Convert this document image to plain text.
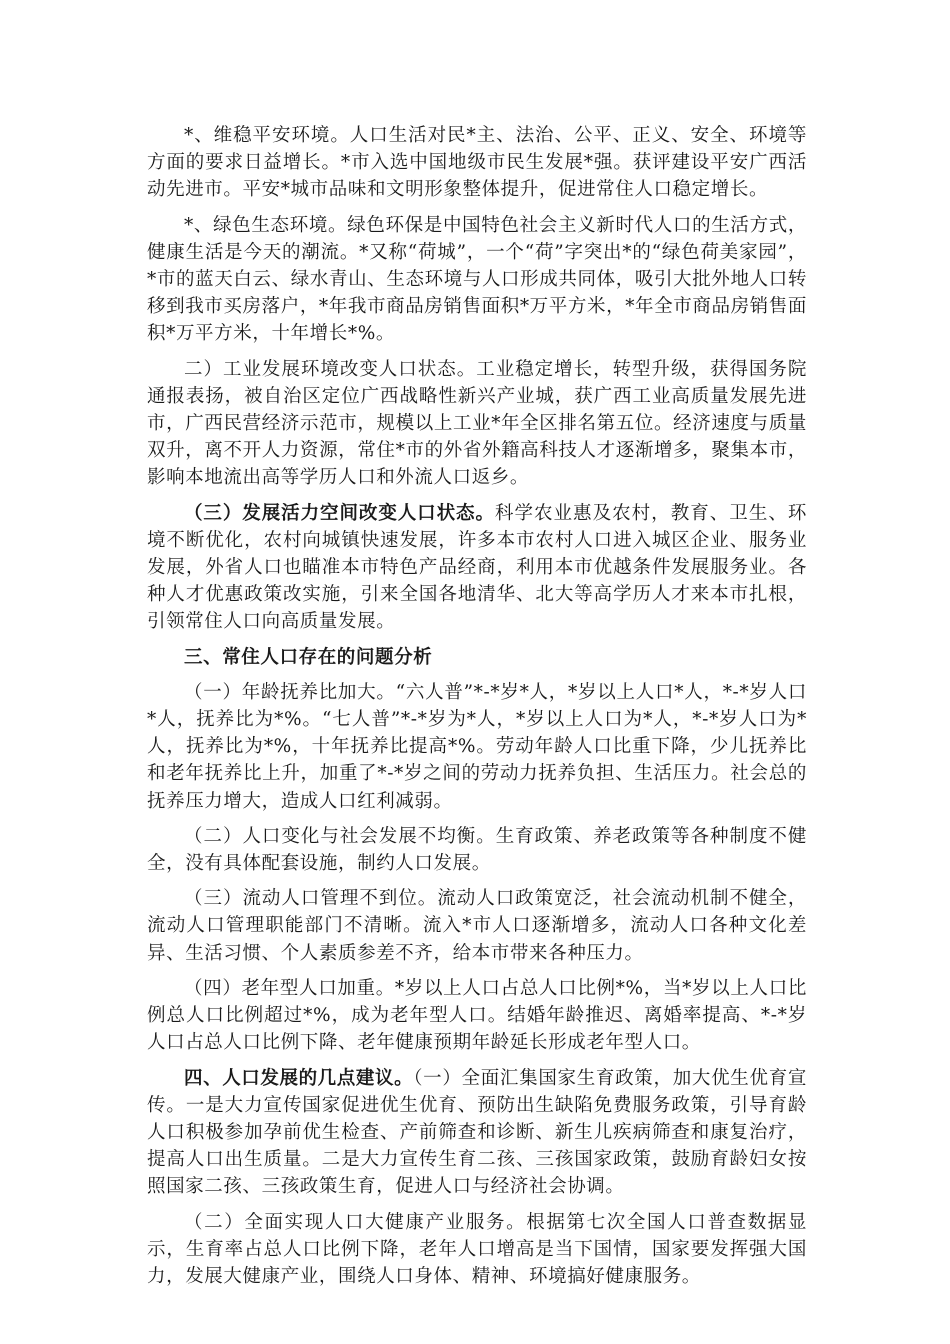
*、维稳平安环境。人口生活对民*主、法治、公平、正义、安全、环境等方面的要求日益增长。*市入选中国地级市民生发展*强。获评建设平安广西活动先进市。平安*城市品味和文明形象整体提升，促进常住人口稳定增长。

*、绿色生态环境。绿色环保是中国特色社会主义新时代人口的生活方式，健康生活是今天的潮流。*又称“荷城”，一个“荷”字突出*的“绿色荷美家园”，*市的蓝天白云、绿水青山、生态环境与人口形成共同体，吸引大批外地人口转移到我市买房落户，*年我市商品房销售面积*万平方米，*年全市商品房销售面积*万平方米，十年增长*%。

二）工业发展环境改变人口状态。工业稳定增长，转型升级，获得国务院通报表扬，被自治区定位广西战略性新兴产业城，获广西工业高质量发展先进市，广西民营经济示范市，规模以上工业*年全区排名第五位。经济速度与质量双升，离不开人力资源，常住*市的外省外籍高科技人才逐渐增多，聚集本市，影响本地流出高等学历人口和外流人口返乡。

（三）发展活力空间改变人口状态。科学农业惠及农村，教育、卫生、环境不断优化，农村向城镇快速发展，许多本市农村人口进入城区企业、服务业发展，外省人口也瞄准本市特色产品经商，利用本市优越条件发展服务业。各种人才优惠政策改实施，引来全国各地清华、北大等高学历人才来本市扎根，引领常住人口向高质量发展。

三、常住人口存在的问题分析

（一）年龄抚养比加大。“六人普”*-*岁*人，*岁以上人口*人，*-*岁人口*人，抚养比为*%。“七人普”*-*岁为*人，*岁以上人口为*人，*-*岁人口为*人，抚养比为*%，十年抚养比提高*%。劳动年龄人口比重下降，少儿抚养比和老年抚养比上升，加重了*-*岁之间的劳动力抚养负担、生活压力。社会总的抚养压力增大，造成人口红利减弱。

（二）人口变化与社会发展不均衡。生育政策、养老政策等各种制度不健全，没有具体配套设施，制约人口发展。

（三）流动人口管理不到位。流动人口政策宽泛，社会流动机制不健全，流动人口管理职能部门不清晰。流入*市人口逐渐增多，流动人口各种文化差异、生活习惯、个人素质参差不齐，给本市带来各种压力。

（四）老年型人口加重。*岁以上人口占总人口比例*%，当*岁以上人口比例总人口比例超过*%，成为老年型人口。结婚年龄推迟、离婚率提高、*-*岁人口占总人口比例下降、老年健康预期年龄延长形成老年型人口。

四、人口发展的几点建议。（一）全面汇集国家生育政策，加大优生优育宣传。一是大力宣传国家促进优生优育、预防出生缺陷免费服务政策，引导育龄人口积极参加孕前优生检查、产前筛查和诊断、新生儿疾病筛查和康复治疗，提高人口出生质量。二是大力宣传生育二孩、三孩国家政策，鼓励育龄妇女按照国家二孩、三孩政策生育，促进人口与经济社会协调。

（二）全面实现人口大健康产业服务。根据第七次全国人口普查数据显示，生育率占总人口比例下降，老年人口增高是当下国情，国家要发挥强大国力，发展大健康产业，围绕人口身体、精神、环境搞好健康服务。
